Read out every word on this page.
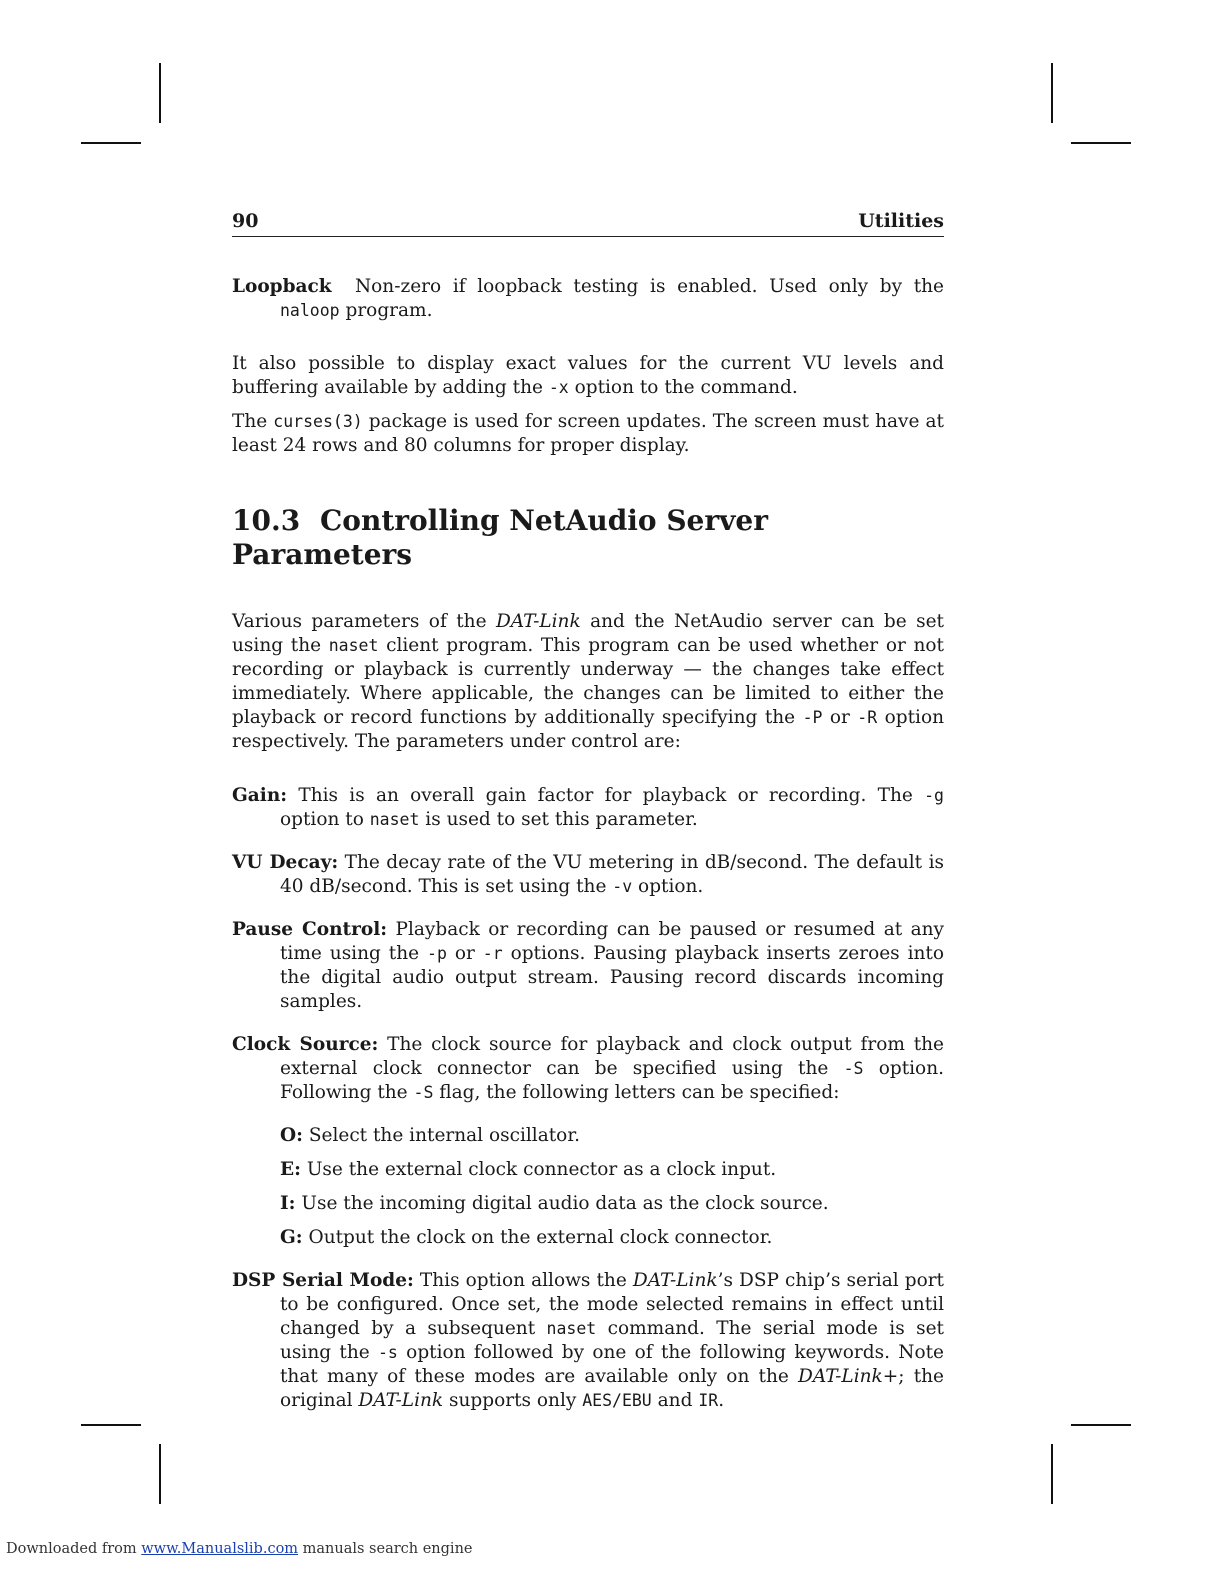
90	Utilities

Loopback Non-zero if loopback testing is enabled. Used only by the naloop program.

It also possible to display exact values for the current VU levels and buffering available by adding the -x option to the command.

The curses(3) package is used for screen updates. The screen must have at least 24 rows and 80 columns for proper display.

10.3 Controlling NetAudio Server Parameters

Various parameters of the DAT-Link and the NetAudio server can be set using the naset client program. This program can be used whether or not recording or playback is currently underway — the changes take effect immediately. Where applicable, the changes can be limited to either the playback or record functions by additionally specifying the -P or -R option respectively. The parameters under control are:

Gain: This is an overall gain factor for playback or recording. The -g option to naset is used to set this parameter.

VU Decay: The decay rate of the VU metering in dB/second. The default is 40 dB/second. This is set using the -v option.

Pause Control: Playback or recording can be paused or resumed at any time using the -p or -r options. Pausing playback inserts zeroes into the digital audio output stream. Pausing record discards incoming samples.

Clock Source: The clock source for playback and clock output from the external clock connector can be specified using the -S option. Following the -S flag, the following letters can be specified:

O: Select the internal oscillator.

E: Use the external clock connector as a clock input.

I: Use the incoming digital audio data as the clock source.

G: Output the clock on the external clock connector.

DSP Serial Mode: This option allows the DAT-Link’s DSP chip’s serial port to be configured. Once set, the mode selected remains in effect until changed by a subsequent naset command. The serial mode is set using the -s option followed by one of the following keywords. Note that many of these modes are available only on the DAT-Link+; the original DAT-Link supports only AES/EBU and IR.

Downloaded from www.Manualslib.com manuals search engine
